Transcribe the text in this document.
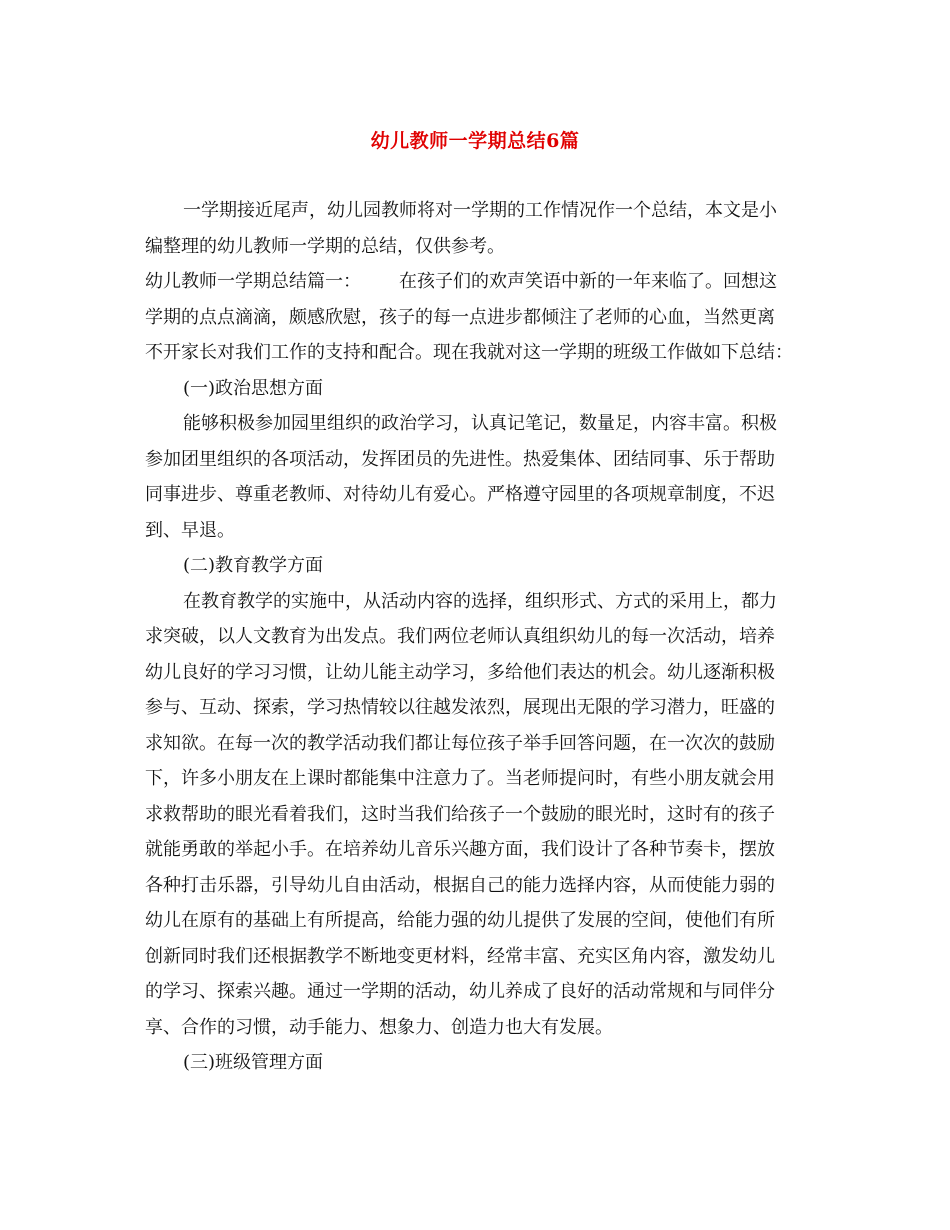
幼儿教师一学期总结6篇
一学期接近尾声，幼儿园教师将对一学期的工作情况作一个总结，本文是小
编整理的幼儿教师一学期的总结，仅供参考。
幼儿教师一学期总结篇一： 在孩子们的欢声笑语中新的一年来临了。回想这
学期的点点滴滴，颇感欣慰，孩子的每一点进步都倾注了老师的心血，当然更离
不开家长对我们工作的支持和配合。现在我就对这一学期的班级工作做如下总结：
(一)政治思想方面
能够积极参加园里组织的政治学习，认真记笔记，数量足，内容丰富。积极
参加团里组织的各项活动，发挥团员的先进性。热爱集体、团结同事、乐于帮助
同事进步、尊重老教师、对待幼儿有爱心。严格遵守园里的各项规章制度，不迟
到、早退。
(二)教育教学方面
在教育教学的实施中，从活动内容的选择，组织形式、方式的采用上，都力
求突破，以人文教育为出发点。我们两位老师认真组织幼儿的每一次活动，培养
幼儿良好的学习习惯，让幼儿能主动学习，多给他们表达的机会。幼儿逐渐积极
参与、互动、探索，学习热情较以往越发浓烈，展现出无限的学习潜力，旺盛的
求知欲。在每一次的教学活动我们都让每位孩子举手回答问题，在一次次的鼓励
下，许多小朋友在上课时都能集中注意力了。当老师提问时，有些小朋友就会用
求救帮助的眼光看着我们，这时当我们给孩子一个鼓励的眼光时，这时有的孩子
就能勇敢的举起小手。在培养幼儿音乐兴趣方面，我们设计了各种节奏卡，摆放
各种打击乐器，引导幼儿自由活动，根据自己的能力选择内容，从而使能力弱的
幼儿在原有的基础上有所提高，给能力强的幼儿提供了发展的空间，使他们有所
创新同时我们还根据教学不断地变更材料，经常丰富、充实区角内容，激发幼儿
的学习、探索兴趣。通过一学期的活动，幼儿养成了良好的活动常规和与同伴分
享、合作的习惯，动手能力、想象力、创造力也大有发展。
(三)班级管理方面
